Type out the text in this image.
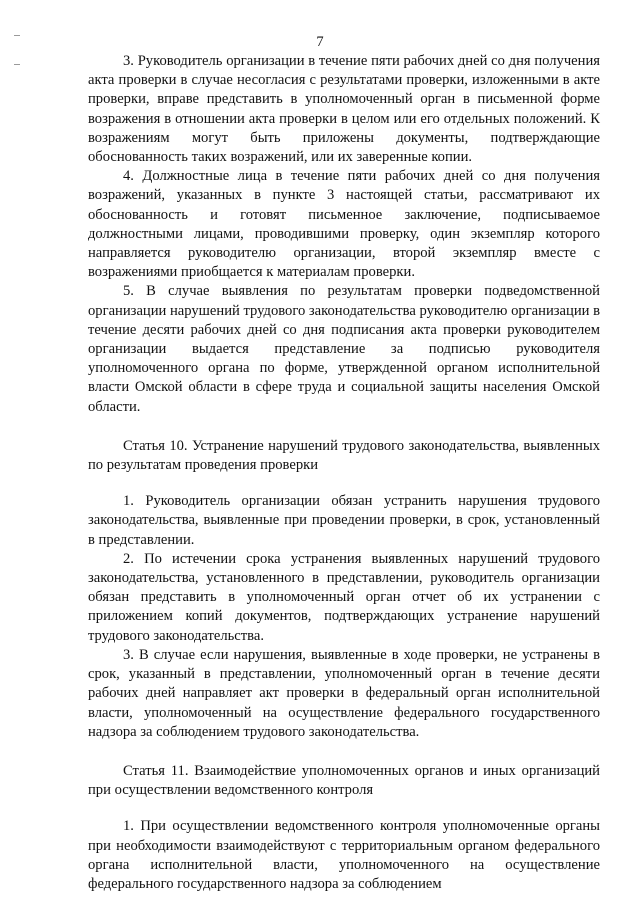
7

3. Руководитель организации в течение пяти рабочих дней со дня получения акта проверки в случае несогласия с результатами проверки, изложенными в акте проверки, вправе представить в уполномоченный орган в письменной форме возражения в отношении акта проверки в целом или его отдельных положений. К возражениям могут быть приложены документы, подтверждающие обоснованность таких возражений, или их заверенные копии.

4. Должностные лица в течение пяти рабочих дней со дня получения возражений, указанных в пункте 3 настоящей статьи, рассматривают их обоснованность и готовят письменное заключение, подписываемое должностными лицами, проводившими проверку, один экземпляр которого направляется руководителю организации, второй экземпляр вместе с возражениями приобщается к материалам проверки.

5. В случае выявления по результатам проверки подведомственной организации нарушений трудового законодательства руководителю организации в течение десяти рабочих дней со дня подписания акта проверки руководителем организации выдается представление за подписью руководителя уполномоченного органа по форме, утвержденной органом исполнительной власти Омской области в сфере труда и социальной защиты населения Омской области.

Статья 10. Устранение нарушений трудового законодательства, выявленных по результатам проведения проверки

1. Руководитель организации обязан устранить нарушения трудового законодательства, выявленные при проведении проверки, в срок, установленный в представлении.

2. По истечении срока устранения выявленных нарушений трудового законодательства, установленного в представлении, руководитель организации обязан представить в уполномоченный орган отчет об их устранении с приложением копий документов, подтверждающих устранение нарушений трудового законодательства.

3. В случае если нарушения, выявленные в ходе проверки, не устранены в срок, указанный в представлении, уполномоченный орган в течение десяти рабочих дней направляет акт проверки в федеральный орган исполнительной власти, уполномоченный на осуществление федерального государственного надзора за соблюдением трудового законодательства.

Статья 11. Взаимодействие уполномоченных органов и иных организаций при осуществлении ведомственного контроля

1. При осуществлении ведомственного контроля уполномоченные органы при необходимости взаимодействуют с территориальным органом федерального органа исполнительной власти, уполномоченного на осуществление федерального государственного надзора за соблюдением
